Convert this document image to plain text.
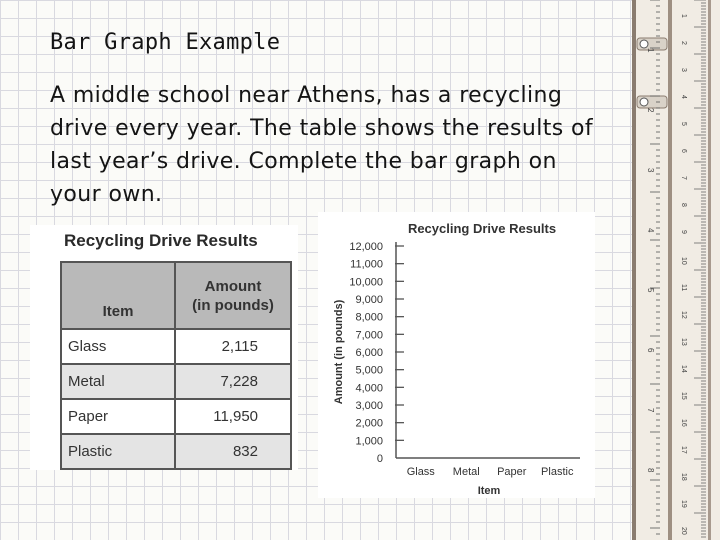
Bar Graph Example

A middle school near Athens, has a recycling drive every year. The table shows the results of last year’s drive. Complete the bar graph on your own.

Recycling Drive Results
Item	Amount
(in pounds)
Glass	2,115
Metal	7,228
Paper	11,950
Plastic	832
Recycling Drive Results
0
1,000
2,000
3,000
4,000
5,000
6,000
7,000
8,000
9,000
10,000
11,000
12,000
Amount (in pounds)
Glass Metal Paper Plastic
Item
1
2
3
4
5
6
7
8
1
2
3
4
5
6
7
8
9
10
11
12
13
14
15
16
17
18
19
20
